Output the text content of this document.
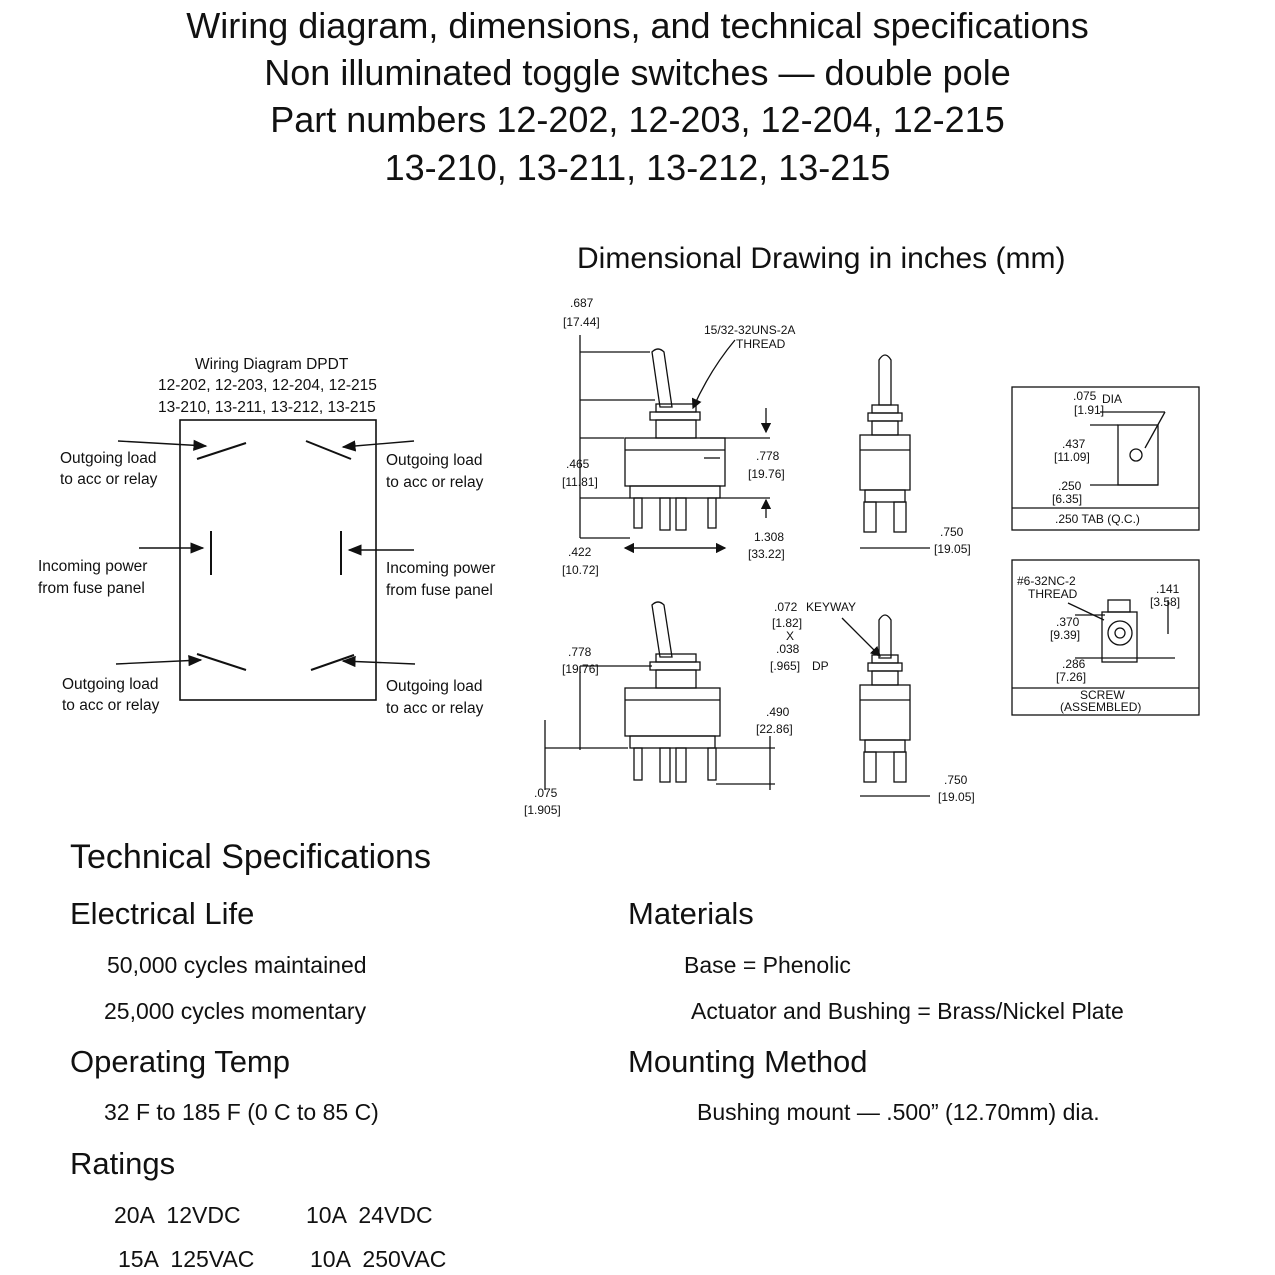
Wiring diagram, dimensions, and technical specifications
Non illuminated toggle switches — double pole
Part numbers 12-202, 12-203, 12-204, 12-215
13-210, 13-211, 13-212, 13-215
Dimensional Drawing in inches (mm)
Wiring Diagram DPDT
12-202, 12-203, 12-204, 12-215
13-210, 13-211, 13-212, 13-215
Outgoing load
to acc or relay
Outgoing load
to acc or relay
Incoming power
from fuse panel
Incoming power
from fuse panel
Outgoing load
to acc or relay
Outgoing load
to acc or relay
.687
[17.44]
15/32-32UNS-2A
THREAD
.465
[11.81]
.778
[19.76]
1.308
[33.22]
.422
[10.72]
.750
[19.05]
.075 DIA
[1.91]
.437
[11.09]
.250
[6.35]
.250 TAB (Q.C.)
#6-32NC-2
THREAD	.141
[3.58]
.370
[9.39]
.286
[7.26]
SCREW
(ASSEMBLED)
.778
[19.76]
.072 KEYWAY
[1.82]
X
.038
[.965] DP
.490
[22.86]
.075
[1.905]
.750
[19.05]
Technical Specifications
Electrical Life
50,000 cycles maintained
25,000 cycles momentary
Operating Temp
32 F to 185 F (0 C to 85 C)
Ratings
20A  12VDC	10A  24VDC
15A  125VAC 10A  250VAC
Materials
Base = Phenolic
Actuator and Bushing = Brass/Nickel Plate
Mounting Method
Bushing mount — .500” (12.70mm) dia.
